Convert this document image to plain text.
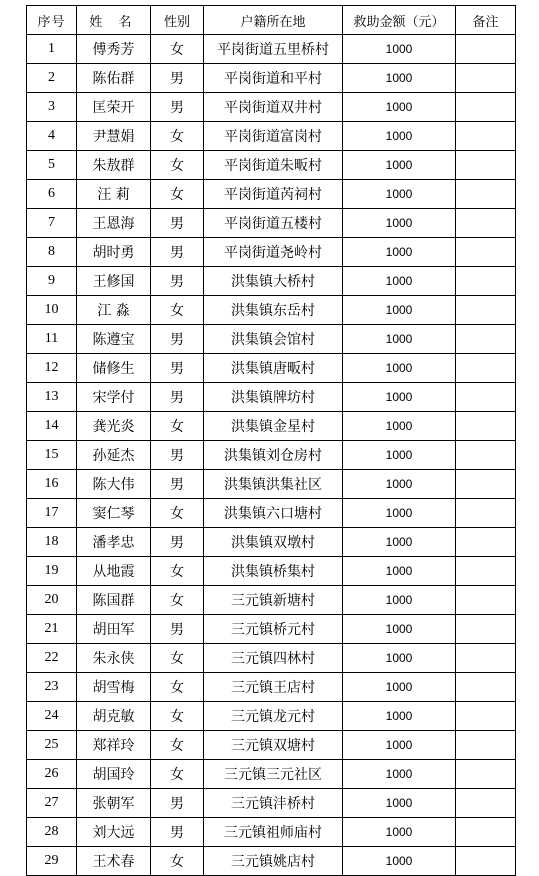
序号	姓 名	性别	户籍所在地	救助金额（元）	备注
1	傅秀芳	女	平岗街道五里桥村	1000	
2	陈佑群	男	平岗街道和平村	1000	
3	匡荣开	男	平岗街道双井村	1000	
4	尹慧娟	女	平岗街道富岗村	1000	
5	朱敖群	女	平岗街道朱畈村	1000	
6	汪 莉	女	平岗街道芮祠村	1000	
7	王恩海	男	平岗街道五楼村	1000	
8	胡时勇	男	平岗街道尧岭村	1000	
9	王修国	男	洪集镇大桥村	1000	
10	江 淼	女	洪集镇东岳村	1000	
11	陈遵宝	男	洪集镇会馆村	1000	
12	储修生	男	洪集镇唐畈村	1000	
13	宋学付	男	洪集镇牌坊村	1000	
14	龚光炎	女	洪集镇金星村	1000	
15	孙延杰	男	洪集镇刘仓房村	1000	
16	陈大伟	男	洪集镇洪集社区	1000	
17	窦仁琴	女	洪集镇六口塘村	1000	
18	潘孝忠	男	洪集镇双墩村	1000	
19	从地霞	女	洪集镇桥集村	1000	
20	陈国群	女	三元镇新塘村	1000	
21	胡田军	男	三元镇桥元村	1000	
22	朱永侠	女	三元镇四林村	1000	
23	胡雪梅	女	三元镇王店村	1000	
24	胡克敏	女	三元镇龙元村	1000	
25	郑祥玲	女	三元镇双塘村	1000	
26	胡国玲	女	三元镇三元社区	1000	
27	张朝军	男	三元镇沣桥村	1000	
28	刘大远	男	三元镇祖师庙村	1000	
29	王术春	女	三元镇姚店村	1000	
